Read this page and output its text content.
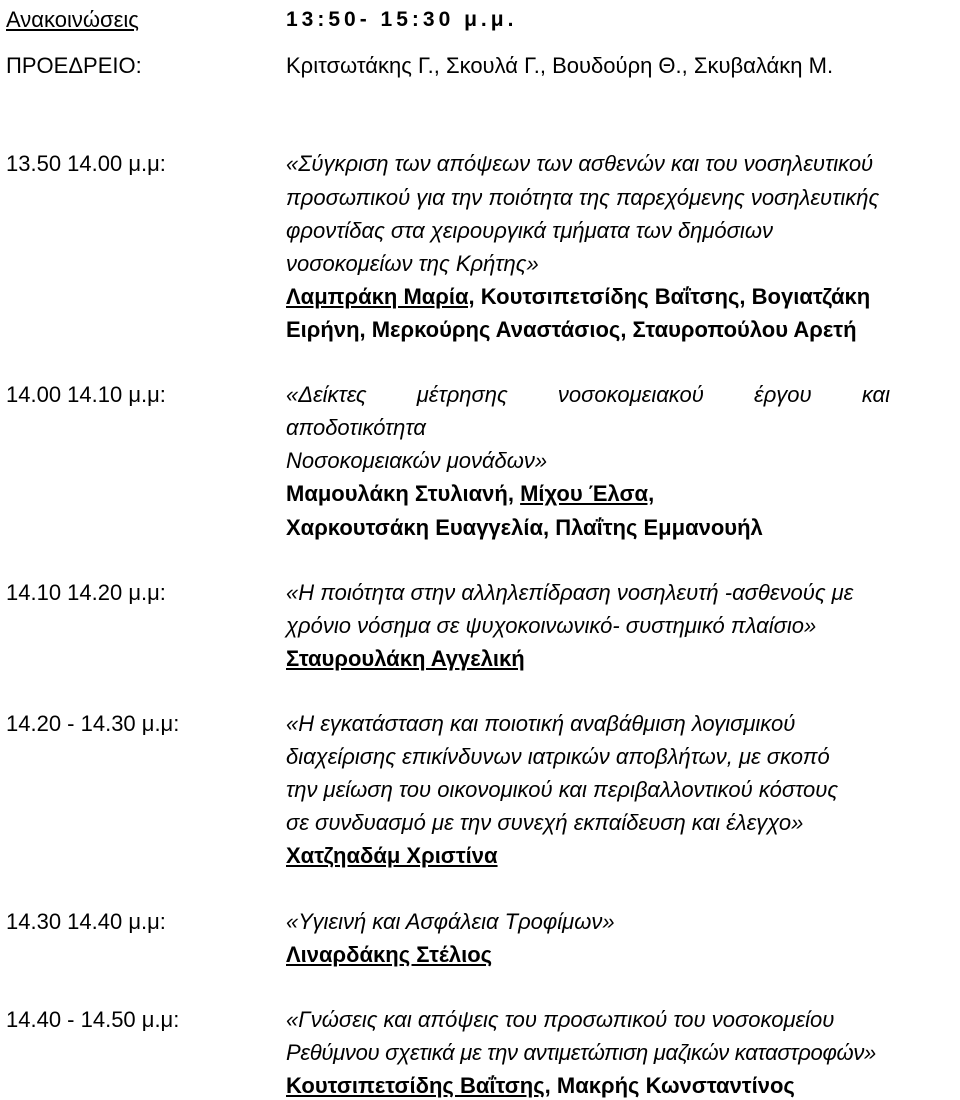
Ανακοινώσεις	13:50- 15:30 μ.μ.
ΠΡΟΕΔΡΕΙΟ:	Κριτσωτάκης Γ., Σκουλά Γ., Βουδούρη Θ., Σκυβαλάκη Μ.
13.50 14.00 μ.μ:	«Σύγκριση των απόψεων των ασθενών και του νοσηλευτικού
προσωπικού για την ποιότητα της παρεχόμενης νοσηλευτικής
φροντίδας στα χειρουργικά τμήματα των δημόσιων
νοσοκομείων της Κρήτης»
Λαμπράκη Μαρία, Κουτσιπετσίδης Βαΐτσης, Βογιατζάκη
Ειρήνη, Μερκούρης Αναστάσιος, Σταυροπούλου Αρετή
14.00 14.10 μ.μ:	«Δείκτες μέτρησης νοσοκομειακού έργου και
αποδοτικότητα
Νοσοκομειακών μονάδων»
Μαμουλάκη Στυλιανή, Μίχου Έλσα,
Χαρκουτσάκη Ευαγγελία, Πλαΐτης Εμμανουήλ
14.10 14.20 μ.μ:	«Η ποιότητα στην αλληλεπίδραση νοσηλευτή -ασθενούς με
χρόνιο νόσημα σε ψυχοκοινωνικό- συστημικό πλαίσιο»
Σταυρουλάκη Αγγελική
14.20 - 14.30 μ.μ:	«Η εγκατάσταση και ποιοτική αναβάθμιση λογισμικού
διαχείρισης επικίνδυνων ιατρικών αποβλήτων, με σκοπό
την μείωση του οικονομικού και περιβαλλοντικού κόστους
σε συνδυασμό με την συνεχή εκπαίδευση και έλεγχο»
Χατζηαδάμ Χριστίνα
14.30 14.40 μ.μ:	«Υγιεινή και Ασφάλεια Τροφίμων»
Λιναρδάκης Στέλιος
14.40 - 14.50 μ.μ:	«Γνώσεις και απόψεις του προσωπικού του νοσοκομείου
Ρεθύμνου σχετικά με την αντιμετώπιση μαζικών καταστροφών»
Κουτσιπετσίδης Βαΐτσης, Μακρής Κωνσταντίνος
